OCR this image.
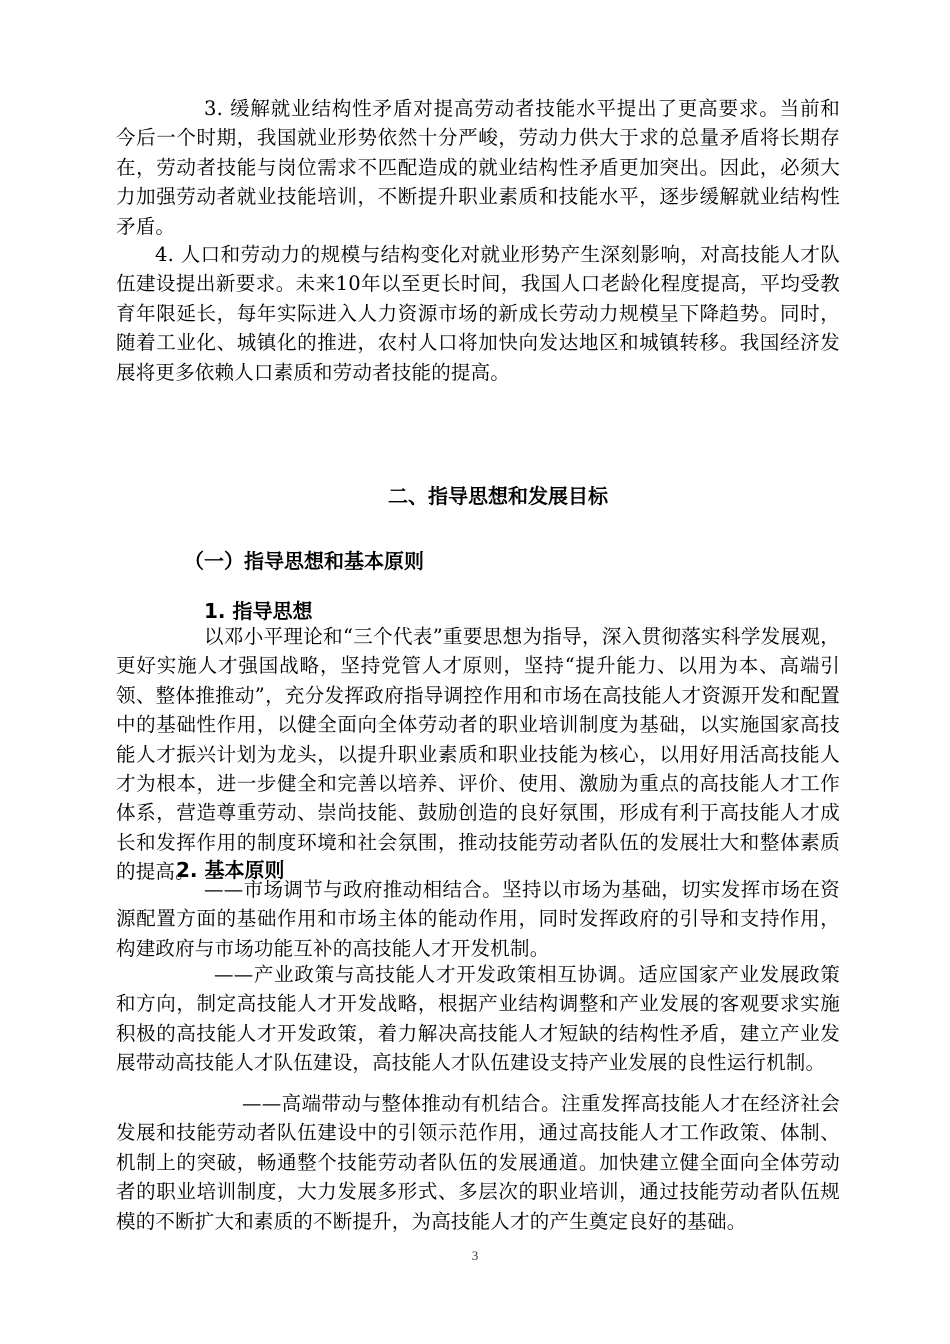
3. 缓解就业结构性矛盾对提高劳动者技能水平提出了更高要求。当前和今后一个时期，我国就业形势依然十分严峻，劳动力供大于求的总量矛盾将长期存在，劳动者技能与岗位需求不匹配造成的就业结构性矛盾更加突出。因此，必须大力加强劳动者就业技能培训，不断提升职业素质和技能水平，逐步缓解就业结构性矛盾。

4. 人口和劳动力的规模与结构变化对就业形势产生深刻影响，对高技能人才队伍建设提出新要求。未来10年以至更长时间，我国人口老龄化程度提高，平均受教育年限延长，每年实际进入人力资源市场的新成长劳动力规模呈下降趋势。同时，随着工业化、城镇化的推进，农村人口将加快向发达地区和城镇转移。我国经济发展将更多依赖人口素质和劳动者技能的提高。

二、指导思想和发展目标
（一）指导思想和基本原则
1. 指导思想

以邓小平理论和“三个代表”重要思想为指导，深入贯彻落实科学发展观，更好实施人才强国战略，坚持党管人才原则，坚持“提升能力、以用为本、高端引领、整体推推动”，充分发挥政府指导调控作用和市场在高技能人才资源开发和配置中的基础性作用，以健全面向全体劳动者的职业培训制度为基础，以实施国家高技能人才振兴计划为龙头，以提升职业素质和职业技能为核心，以用好用活高技能人才为根本，进一步健全和完善以培养、评价、使用、激励为重点的高技能人才工作体系，营造尊重劳动、崇尚技能、鼓励创造的良好氛围，形成有利于高技能人才成长和发挥作用的制度环境和社会氛围，推动技能劳动者队伍的发展壮大和整体素质的提高。

2. 基本原则

——市场调节与政府推动相结合。坚持以市场为基础，切实发挥市场在资源配置方面的基础作用和市场主体的能动作用，同时发挥政府的引导和支持作用，构建政府与市场功能互补的高技能人才开发机制。

——产业政策与高技能人才开发政策相互协调。适应国家产业发展政策和方向，制定高技能人才开发战略，根据产业结构调整和产业发展的客观要求实施积极的高技能人才开发政策，着力解决高技能人才短缺的结构性矛盾，建立产业发展带动高技能人才队伍建设，高技能人才队伍建设支持产业发展的良性运行机制。

——高端带动与整体推动有机结合。注重发挥高技能人才在经济社会发展和技能劳动者队伍建设中的引领示范作用，通过高技能人才工作政策、体制、机制上的突破，畅通整个技能劳动者队伍的发展通道。加快建立健全面向全体劳动者的职业培训制度，大力发展多形式、多层次的职业培训，通过技能劳动者队伍规模的不断扩大和素质的不断提升，为高技能人才的产生奠定良好的基础。

3
